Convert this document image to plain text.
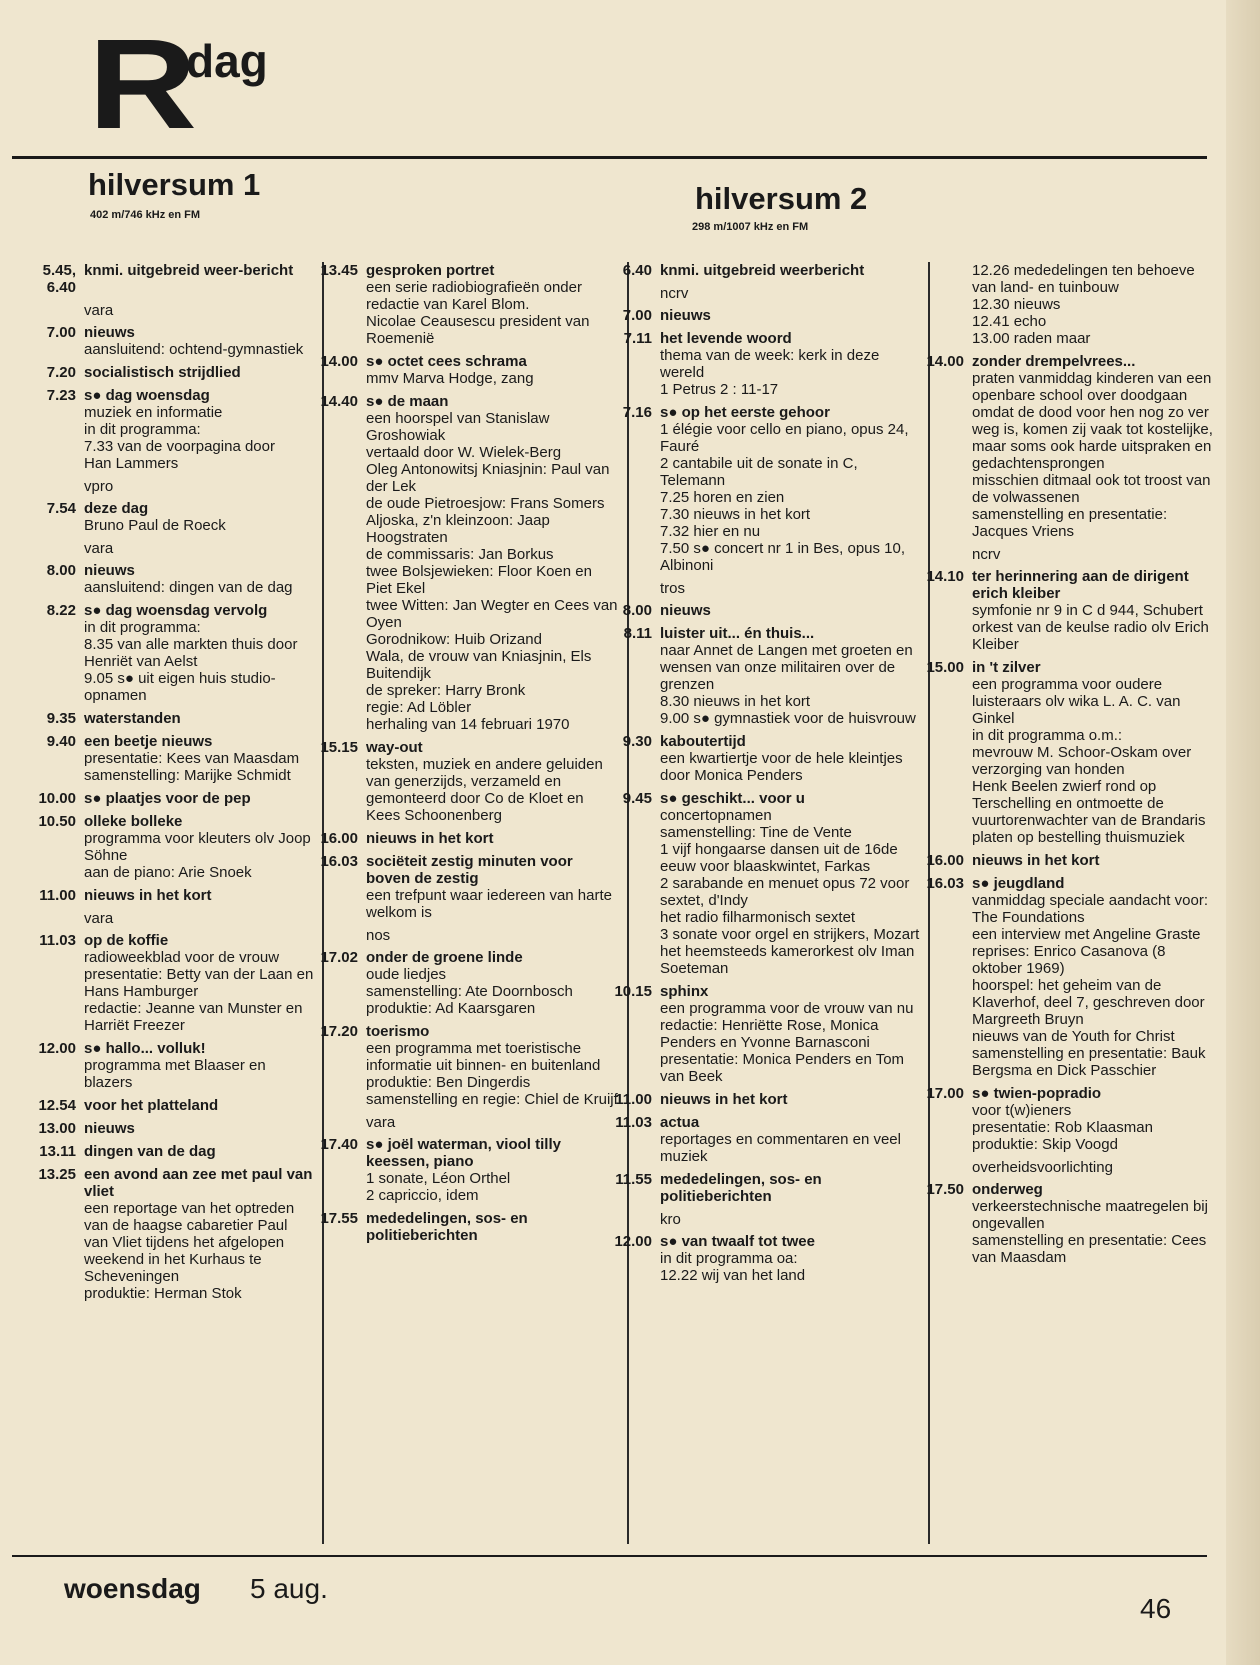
R
dag
hilversum 1
402 m/746 kHz en FM	hilversum 2
298 m/1007 kHz en FM
5.45, 6.40
knmi. uitgebreid weer-bericht
vara
7.00 nieuws
aansluitend: ochtend-gymnastiek
7.20 socialistisch strijdlied
7.23 s● dag woensdag
muziek en informatie
in dit programma:
7.33 van de voorpagina door
Han Lammers
vpro
7.54 deze dag
Bruno Paul de Roeck
vara
8.00 nieuws
aansluitend: dingen van de dag
8.22 s● dag woensdag vervolg
in dit programma:
8.35 van alle markten thuis door Henriët van Aelst
9.05 s● uit eigen huis studio-opnamen
9.35 waterstanden
9.40 een beetje nieuws
presentatie: Kees van Maasdam
samenstelling: Marijke Schmidt
10.00 s● plaatjes voor de pep
10.50 olleke bolleke
programma voor kleuters olv Joop Söhne
aan de piano: Arie Snoek
11.00 nieuws in het kort
vara
11.03 op de koffie
radioweekblad voor de vrouw
presentatie: Betty van der Laan en Hans Hamburger
redactie: Jeanne van Munster en Harriët Freezer
12.00 s● hallo... volluk!
programma met Blaaser en blazers
12.54 voor het platteland
13.00 nieuws
13.11 dingen van de dag
13.25 een avond aan zee met paul van vliet
een reportage van het optreden van de haagse cabaretier Paul van Vliet tijdens het afgelopen weekend in het Kurhaus te Scheveningen
produktie: Herman Stok
13.45 gesproken portret
een serie radiobiografieën onder redactie van Karel Blom.
Nicolae Ceausescu president van Roemenië
14.00 s● octet cees schrama
mmv Marva Hodge, zang
14.40 s● de maan
een hoorspel van Stanislaw Groshowiak
vertaald door W. Wielek-Berg
Oleg Antonowitsj Kniasjnin: Paul van der Lek
de oude Pietroesjow: Frans Somers
Aljoska, z'n kleinzoon: Jaap Hoogstraten
de commissaris: Jan Borkus
twee Bolsjewieken: Floor Koen en Piet Ekel
twee Witten: Jan Wegter en Cees van Oyen
Gorodnikow: Huib Orizand
Wala, de vrouw van Kniasjnin, Els Buitendijk
de spreker: Harry Bronk
regie: Ad Löbler
herhaling van 14 februari 1970
15.15 way-out
teksten, muziek en andere geluiden van generzijds, verzameld en gemonteerd door Co de Kloet en Kees Schoonenberg
16.00 nieuws in het kort
16.03 sociëteit zestig minuten voor boven de zestig
een trefpunt waar iedereen van harte welkom is
nos
17.02 onder de groene linde
oude liedjes
samenstelling: Ate Doornbosch
produktie: Ad Kaarsgaren
17.20 toerismo
een programma met toeristische informatie uit binnen- en buitenland
produktie: Ben Dingerdis
samenstelling en regie: Chiel de Kruijf
vara
17.40 s● joël waterman, viool tilly keessen, piano
1 sonate, Léon Orthel
2 capriccio, idem
17.55 mededelingen, sos- en politieberichten
6.40 knmi. uitgebreid weerbericht
ncrv
7.00 nieuws
7.11 het levende woord
thema van de week: kerk in deze wereld
1 Petrus 2 : 11-17
7.16 s● op het eerste gehoor
1 élégie voor cello en piano, opus 24, Fauré
2 cantabile uit de sonate in C, Telemann
7.25 horen en zien
7.30 nieuws in het kort
7.32 hier en nu
7.50 s● concert nr 1 in Bes, opus 10, Albinoni
tros
8.00 nieuws
8.11 luister uit... én thuis...
naar Annet de Langen met groeten en wensen van onze militairen over de grenzen
8.30 nieuws in het kort
9.00 s● gymnastiek voor de huisvrouw
9.30 kaboutertijd
een kwartiertje voor de hele kleintjes
door Monica Penders
9.45 s● geschikt... voor u
concertopnamen
samenstelling: Tine de Vente
1 vijf hongaarse dansen uit de 16de eeuw voor blaaskwintet, Farkas
2 sarabande en menuet opus 72 voor sextet, d'Indy
het radio filharmonisch sextet
3 sonate voor orgel en strijkers, Mozart
het heemsteeds kamerorkest olv Iman Soeteman
10.15 sphinx
een programma voor de vrouw van nu
redactie: Henriëtte Rose, Monica Penders en Yvonne Barnasconi
presentatie: Monica Penders en Tom van Beek
11.00 nieuws in het kort
11.03 actua
reportages en commentaren en veel muziek
11.55 mededelingen, sos- en politieberichten
kro
12.00 s● van twaalf tot twee
in dit programma oa:
12.22 wij van het land
12.26 mededelingen ten behoeve van land- en tuinbouw
12.30 nieuws
12.41 echo
13.00 raden maar
14.00 zonder drempelvrees...
praten vanmiddag kinderen van een openbare school over doodgaan
omdat de dood voor hen nog zo ver weg is, komen zij vaak tot kostelijke, maar soms ook harde uitspraken en gedachtensprongen
misschien ditmaal ook tot troost van de volwassenen
samenstelling en presentatie: Jacques Vriens
ncrv
14.10 ter herinnering aan de dirigent erich kleiber
symfonie nr 9 in C d 944, Schubert
orkest van de keulse radio olv Erich Kleiber
15.00 in 't zilver
een programma voor oudere luisteraars olv wika L. A. C. van Ginkel
in dit programma o.m.:
mevrouw M. Schoor-Oskam over verzorging van honden
Henk Beelen zwierf rond op Terschelling en ontmoette de vuurtorenwachter van de Brandaris
platen op bestelling thuismuziek
16.00 nieuws in het kort
16.03 s● jeugdland
vanmiddag speciale aandacht voor: The Foundations
een interview met Angeline Graste
reprises: Enrico Casanova (8 oktober 1969)
hoorspel: het geheim van de Klaverhof, deel 7, geschreven door Margreeth Bruyn
nieuws van de Youth for Christ
samenstelling en presentatie: Bauk Bergsma en Dick Passchier
17.00 s● twien-popradio
voor t(w)ieners
presentatie: Rob Klaasman
produktie: Skip Voogd
overheidsvoorlichting
17.50 onderweg
verkeerstechnische maatregelen bij ongevallen
samenstelling en presentatie: Cees van Maasdam
woensdag 5 aug.
46
